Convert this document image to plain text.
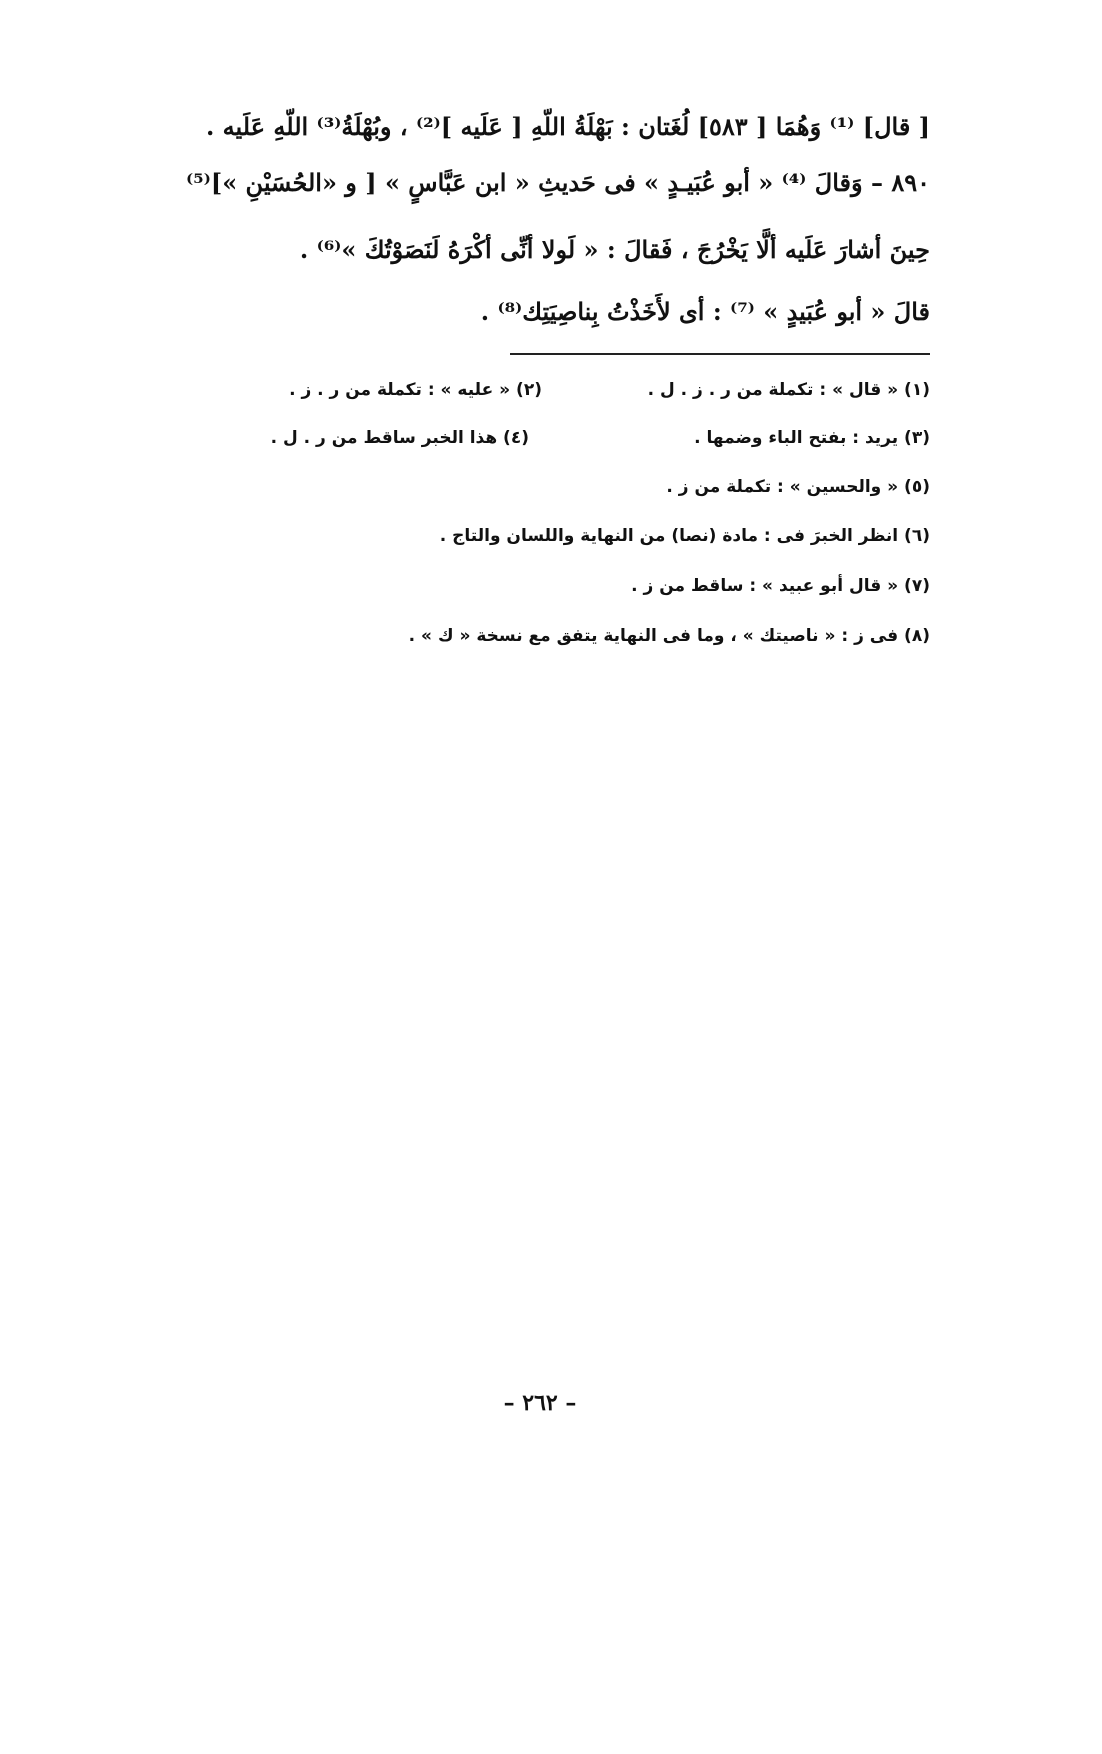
[ قال] ⁽¹⁾ وَهُمَا [ ٥٨٣] لُغَتان : بَهْلَةُ اللّهِ [ عَلَيه ]⁽²⁾ ، وبُهْلَةُ⁽³⁾ اللّهِ عَلَيه .
٨٩٠ – وَقالَ ⁽⁴⁾ « أبو عُبَيـدٍ » فى حَديثِ « ابن عَبَّاسٍ » [ و «الحُسَيْنِ »]⁽⁵⁾
حِينَ أشارَ عَلَيه ألَّا يَخْرُجَ ، فَقالَ : « لَولا أنِّى أكْرَهُ لَنَصَوْتُكَ »⁽⁶⁾ .
قالَ « أبو عُبَيدٍ » ⁽⁷⁾ : أى لأَخَذْتُ بِناصِيَتِك⁽⁸⁾ .
(١) « قال » : تكملة من ر . ز . ل .
(٢) « عليه » : تكملة من ر . ز .
(٣) يريد : بفتح الباء وضمها .
(٤) هذا الخبر ساقط من ر . ل .
(٥) « والحسين » : تكملة من ز .
(٦) انظر الخبرَ فى : مادة (نصا) من النهاية واللسان والتاج .
(٧) « قال أبو عبيد » : ساقط من ز .
(٨) فى ز : « ناصيتك » ، وما فى النهاية يتفق مع نسخة « ك » .
– ٢٦٢ –
